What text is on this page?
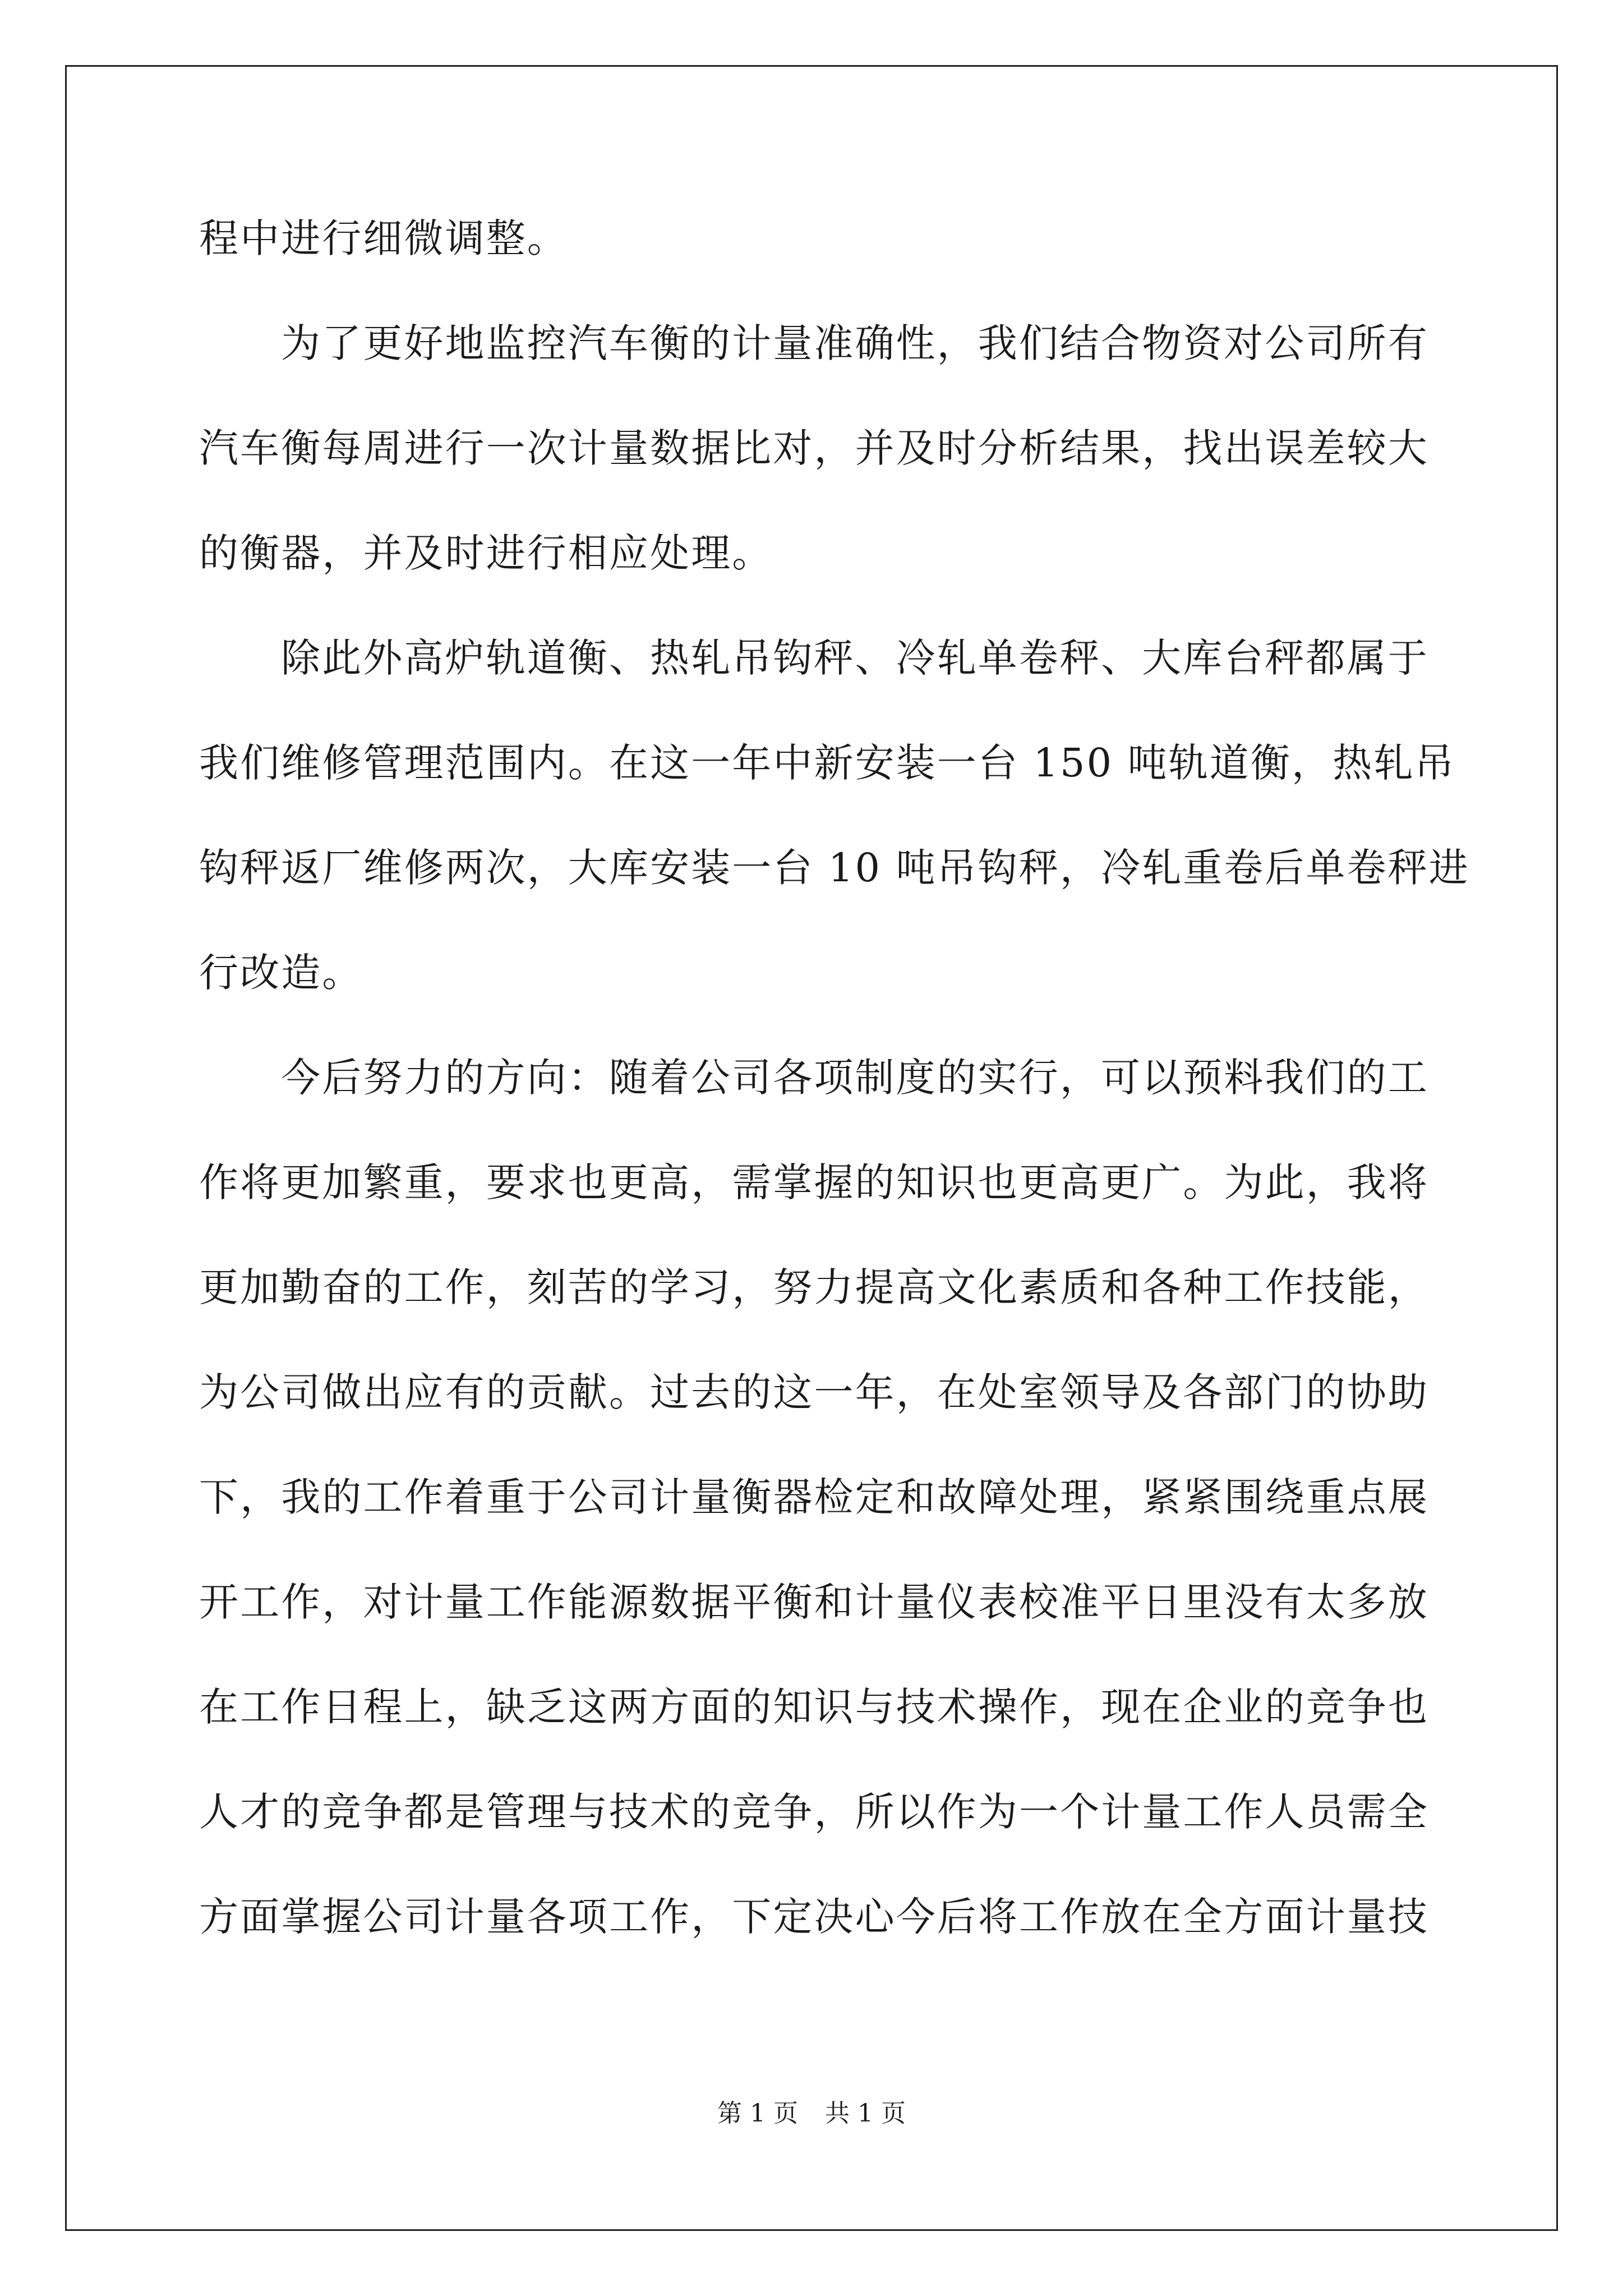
程中进行细微调整。
为了更好地监控汽车衡的计量准确性，我们结合物资对公司所有
汽车衡每周进行一次计量数据比对，并及时分析结果，找出误差较大
的衡器，并及时进行相应处理。
除此外高炉轨道衡、热轧吊钩秤、冷轧单卷秤、大库台秤都属于
我们维修管理范围内。在这一年中新安装一台 150 吨轨道衡，热轧吊
钩秤返厂维修两次，大库安装一台 10 吨吊钩秤，冷轧重卷后单卷秤进
行改造。
今后努力的方向：随着公司各项制度的实行，可以预料我们的工
作将更加繁重，要求也更高，需掌握的知识也更高更广。为此，我将
更加勤奋的工作，刻苦的学习，努力提高文化素质和各种工作技能，
为公司做出应有的贡献。过去的这一年，在处室领导及各部门的协助
下，我的工作着重于公司计量衡器检定和故障处理，紧紧围绕重点展
开工作，对计量工作能源数据平衡和计量仪表校准平日里没有太多放
在工作日程上，缺乏这两方面的知识与技术操作，现在企业的竞争也
人才的竞争都是管理与技术的竞争，所以作为一个计量工作人员需全
方面掌握公司计量各项工作，下定决心今后将工作放在全方面计量技
第 1 页 共 1 页
